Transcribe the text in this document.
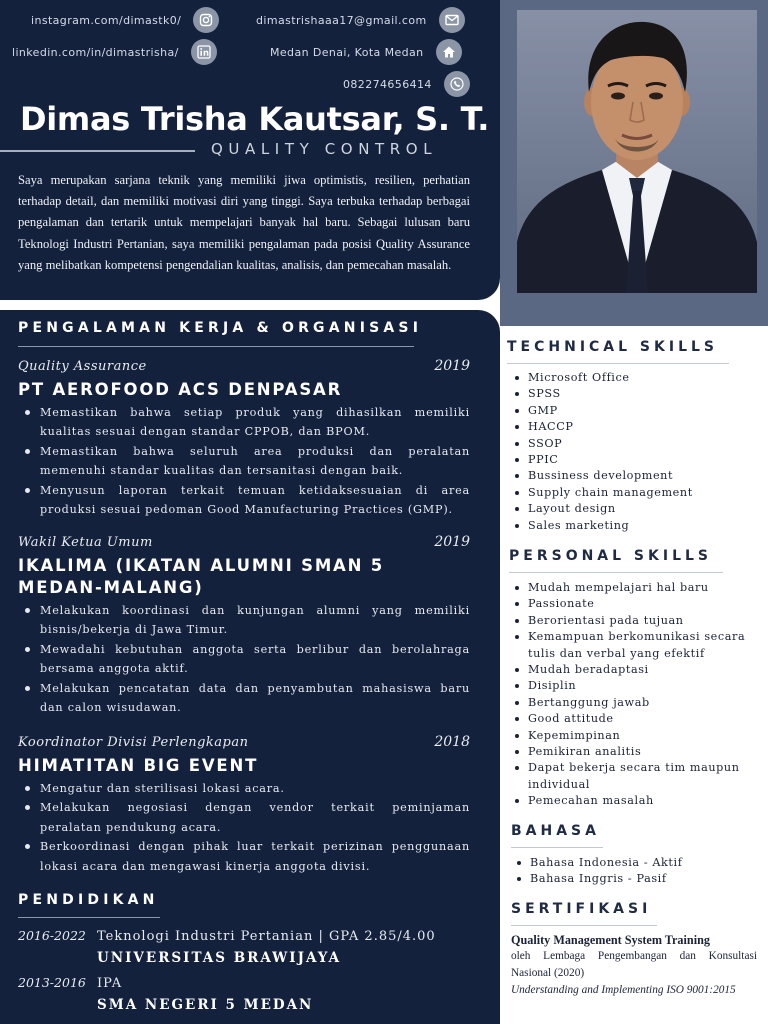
instagram.com/dimastk0/	dimastrishaaa17@gmail.com
linkedin.com/in/dimastrisha/	Medan Denai, Kota Medan
082274656414
Dimas Trisha Kautsar, S. T.
QUALITY CONTROL

Saya merupakan sarjana teknik yang memiliki jiwa optimistis, resilien, perhatian terhadap detail, dan memiliki motivasi diri yang tinggi. Saya terbuka terhadap berbagai pengalaman dan tertarik untuk mempelajari banyak hal baru. Sebagai lulusan baru Teknologi Industri Pertanian, saya memiliki pengalaman pada posisi Quality Assurance yang melibatkan kompetensi pengendalian kualitas, analisis, dan pemecahan masalah.

PENGALAMAN KERJA & ORGANISASI
Quality Assurance	2019
PT AEROFOOD ACS DENPASAR
Memastikan bahwa setiap produk yang dihasilkan memiliki kualitas sesuai dengan standar CPPOB, dan BPOM.
Memastikan bahwa seluruh area produksi dan peralatan memenuhi standar kualitas dan tersanitasi dengan baik.
Menyusun laporan terkait temuan ketidaksesuaian di area produksi sesuai pedoman Good Manufacturing Practices (GMP).
Wakil Ketua Umum	2019
IKALIMA (IKATAN ALUMNI SMAN 5 MEDAN-MALANG)
Melakukan koordinasi dan kunjungan alumni yang memiliki bisnis/bekerja di Jawa Timur.
Mewadahi kebutuhan anggota serta berlibur dan berolahraga bersama anggota aktif.
Melakukan pencatatan data dan penyambutan mahasiswa baru dan calon wisudawan.
Koordinator Divisi Perlengkapan	2018
HIMATITAN BIG EVENT
Mengatur dan sterilisasi lokasi acara.
Melakukan negosiasi dengan vendor terkait peminjaman peralatan pendukung acara.
Berkoordinasi dengan pihak luar terkait perizinan penggunaan lokasi acara dan mengawasi kinerja anggota divisi.
PENDIDIKAN
2016-2022 Teknologi Industri Pertanian | GPA 2.85/4.00
UNIVERSITAS BRAWIJAYA
2013-2016 IPA
SMA NEGERI 5 MEDAN
TECHNICAL SKILLS
Microsoft Office
SPSS
GMP
HACCP
SSOP
PPIC
Bussiness development
Supply chain management
Layout design
Sales marketing
PERSONAL SKILLS
Mudah mempelajari hal baru
Passionate
Berorientasi pada tujuan
Kemampuan berkomunikasi secara tulis dan verbal yang efektif
Mudah beradaptasi
Disiplin
Bertanggung jawab
Good attitude
Kepemimpinan
Pemikiran analitis
Dapat bekerja secara tim maupun individual
Pemecahan masalah
BAHASA
Bahasa Indonesia - Aktif
Bahasa Inggris - Pasif
SERTIFIKASI
Quality Management System Training
oleh Lembaga Pengembangan dan Konsultasi Nasional (2020)
Understanding and Implementing ISO 9001:2015
